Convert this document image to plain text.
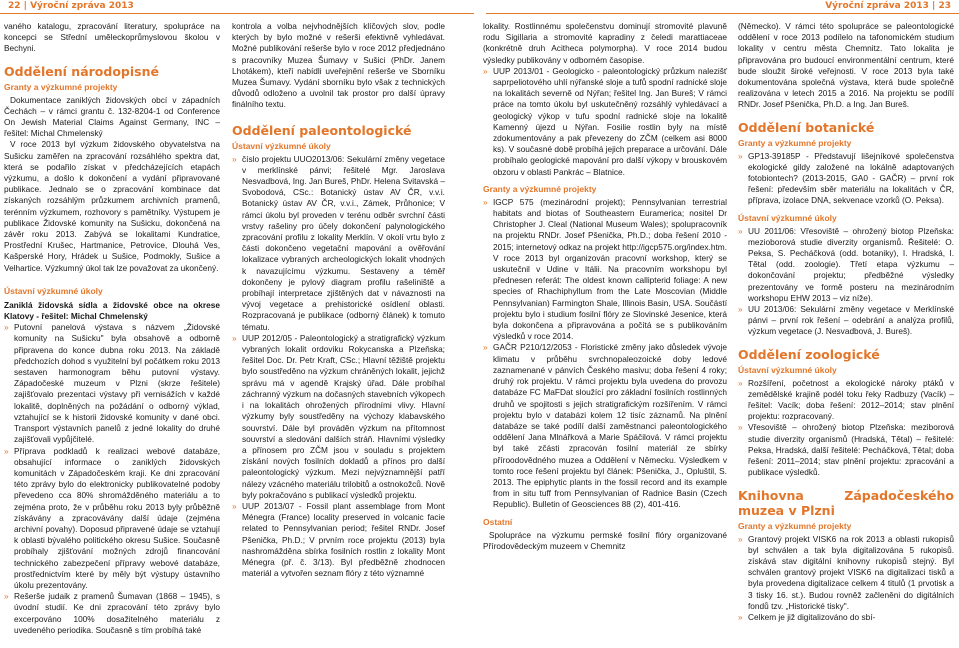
22 | Výroční zpráva 2013	Výroční zpráva 2013 | 23

vaného katalogu, zpracování literatury, spolupráce na koncepci se Střední uměleckoprůmyslovou školou v Bechyni.

Oddělení národopisné
Granty a výzkumné projekty

Dokumentace zaniklých židovských obcí v západních Čechách – v rámci grantu č. 132-8204-1 od Conference On Jewish Material Claims Against Germany, INC – řešitel: Michal Chmelenský

V roce 2013 byl výzkum židovského obyvatelstva na Sušicku zaměřen na zpracování rozsáhlého spektra dat, která se podařilo získat v předcházejících etapách výzkumu, a došlo k dokončení a vydání připravované publikace. Jednalo se o zpracování kombinace dat získaných rozsáhlým průzkumem archivních pramenů, terénním výzkumem, rozhovory s pamětníky. Výstupem je publikace Židovské komunity na Sušicku, dokončená na závěr roku 2013. Zabývá se lokalitami Kundratice, Prostřední Krušec, Hartmanice, Petrovice, Dlouhá Ves, Kašperské Hory, Hrádek u Sušice, Podmokly, Sušice a Velhartice. Výzkumný úkol tak lze považovat za ukončený.

Ústavní výzkumné úkoly

Zaniklá židovská sídla a židovské obce na okrese Klatovy - řešitel: Michal Chmelenský

» Putovní panelová výstava s názvem „Židovské komunity na Sušicku" byla obsahově a odborně připravena do konce dubna roku 2013. Na základě předchozích dohod s využitelní byl počátkem roku 2013 sestaven harmonogram běhu putovní výstavy. Západočeské muzeum v Plzni (skrze řešitele) zajišťovalo prezentaci výstavy při vernisážích v každé lokalitě, doplněných na požádání o odborný výklad, vztahující se k historii židovské komunity v dané obci. Transport výstavních panelů z jedné lokality do druhé zajišťovali vypůjčitelé.
» Příprava podkladů k realizaci webové databáze, obsahující informace o zaniklých židovských komunitách v Západočeském kraji. Ke dni zpracování této zprávy bylo do elektronicky publikovatelné podoby převedeno cca 80% shromážděného materiálu a to zejména proto, že v průběhu roku 2013 byly průběžně získávány a zpracovávány další údaje (zejména archivní povahy). Doposud připravené údaje se vztahují k oblasti bývalého politického okresu Sušice. Současně probíhaly zjišťování možných zdrojů financování technického zabezpečení přípravy webové databáze, prostřednictvím které by měly být výstupy ústavního úkolu prezentovány.
» Rešerše judaik z pramenů Šumavan (1868 – 1945), s úvodní studií. Ke dni zpracování této zprávy bylo excerpováno 100% dosažitelného materiálu z uvedeného periodika. Současně s tím probíhá také

kontrola a volba nejvhodnějších klíčových slov, podle kterých by bylo možné v rešerši efektivně vyhledávat. Možné publikování rešerše bylo v roce 2012 předjednáno s pracovníky Muzea Šumavy v Sušici (PhDr. Janem Lhotákem), kteří nabídli uveřejnění rešerše ve Sborníku Muzea Šumavy. Vydání sborníku bylo však z technických důvodů odloženo a uvolnil tak prostor pro další úpravy finálního textu.

Oddělení paleontologické
Ústavní výzkumné úkoly
» číslo projektu UUO2013/06: Sekulární změny vegetace v merklínské pánvi; řešitelé Mgr. Jaroslava Nesvadbová, Ing. Jan Bureš, PhDr. Helena Svitavská – Svobodová, CSc.: Botanický ústav AV ČR, v.v.i. Botanický ústav AV ČR, v.v.i., Zámek, Průhonice; V rámci úkolu byl proveden v terénu odběr svrchní části vrstvy rašeliny pro účely dokončení palynologického zpracování profilu z lokality Merklín. V okolí vrtu bylo z části dokončeno vegetační mapování a ověřování lokalizace vybraných archeologických lokalit vhodných k navazujícímu výzkumu. Sestaveny a téměř dokončeny je pylový diagram profilu rašeliniště a probíhají interpretace zjištěných dat v návaznosti na vývoj vegetace a prehistorické osídlení oblasti. Rozpracovaná je publikace (odborný článek) k tomuto tématu.
» UUP 2012/05 - Paleontologický a stratigrafický výzkum vybraných lokalit ordoviku Rokycanska a Plzeňska; řešitel Doc. Dr. Petr Kraft, CSc.; Hlavní těžiště projektu bylo soustředěno na výzkum chráněných lokalit, jejichž správu má v agendě Krajský úřad. Dále probíhal záchranný výzkum na dočasných stavebních výkopech i na lokalitách ohrožených přírodními vlivy. Hlavní výzkumy byly soustředěny na výchozy klabavského souvrství. Dále byl prováděn výzkum na přítomnost souvrství a sledování dalších stráň. Hlavními výsledky a přínosem pro ZČM jsou v souladu s projektem získání nových fosilních dokladů a přínos pro další paleontologický výzkum. Mezi nejvýznamnější patří nálezy vzácného materiálu trilobitů a ostnokožců. Nově byly pokračováno s publikací výsledků projektu.
» UUP 2013/07 - Fossil plant assemblage from Mont Ménegra (France) locality preserved in volcanic facie related to Pennsylvanian period; řešitel RNDr. Josef Pšenička, Ph.D.; V prvním roce projektu (2013) byla nashromážděna sbírka fosilních rostlin z lokality Mont Ménegra (př. č. 3/13). Byl předběžně zhodnocen materiál a vytvořen seznam flóry z této významné

lokality. Rostlinnému společenstvu dominují stromovité plavuně rodu Sigillaria a stromovité kapradiny z čeledi marattiaceae (konkrétně druh Acitheca polymorpha). V roce 2014 budou výsledky publikovány v odborném časopise.

» UUP 2013/01 - Geologicko - paleontologický průzkum nalezišť saprpeliotového uhlí nýřanské sloje a tufů spodní radnické sloje na lokalitách severně od Nýřan; řešitel Ing. Jan Bureš; V rámci práce na tomto úkolu byl uskutečněný rozsáhlý vyhledávací a geologický výkop v tufu spodní radnické sloje na lokalitě Kamenný újezd u Nýřan. Fosilie rostlin byly na místě zdokumentovány a pak převezeny do ZČM (celkem asi 8000 ks). V současné době probíhá jejich preparace a určování. Dále probíhalo geologické mapování pro další výkopy v brouskovém obzoru v oblasti Pankrác – Blatnice.
Granty a výzkumné projekty
» IGCP 575 (mezinárodní projekt); Pennsylvanian terrestrial habitats and biotas of Southeastern Euramerica; nositel Dr Christopher J. Cleal (National Museum Wales); spolupracovník na projektu RNDr. Josef Pšenička, Ph.D.; doba řešení 2010 - 2015; internetový odkaz na projekt http://igcp575.org/index.htm. V roce 2013 byl organizován pracovní workshop, který se uskutečnil v Udine v Itálii. Na pracovním workshopu byl přednesen referát: The oldest known callipterid foliage: A new species of Rhachiphyllum from the Late Moscovian (Middle Pennsylvanian) Farmington Shale, Illinois Basin, USA. Součástí projektu bylo i studium fosilní flóry ze Slovinské Jesenice, která byla dokončena a připravována a počítá se s publikováním výsledků v roce 2014.
» GAČR P210/12/2053 - Floristické změny jako důsledek vývoje klimatu v průběhu svrchnopaleozoické doby ledové zaznamenané v pánvích Českého masivu; doba řešení 4 roky; druhý rok projektu. V rámci projektu byla uvedena do provozu databáze FC MaFDat sloužící pro základní fosilních rostlinných druhů ve spojitosti s jejich stratigrafickým rozšířením. V rámci projektu bylo v databázi kolem 12 tisíc záznamů. Na plnění databáze se také podílí další zaměstnanci paleontologického oddělení Jana Mlnářková a Marie Spáčilová. V rámci projektu byl také zčásti zpracován fosilní materiál ze sbírky příroodovědného muzea a Oddělení v Německu. Výsledkem v tomto roce řešení projektu byl článek: Pšenička, J., Opluštil, S. 2013. The epiphytic plants in the fossil record and its example from in situ tuff from Pennsylvanian of Radnice Basin (Czech Republic). Bulletin of Geosciences 88 (2), 401-416.
Ostatní

Spolupráce na výzkumu permské fosilní flóry organizované Přírodovědeckým muzeem v Chemnitz

(Německo). V rámci této spolupráce se paleontologické oddělení v roce 2013 podílelo na tafonomickém studium lokality v centru města Chemnitz. Tato lokalita je připravována pro budoucí environmentální centrum, které bude sloužit široké veřejnosti. V roce 2013 byla také dokumentována společná výstava, která bude společně realizována v letech 2015 a 2016. Na projektu se podílí RNDr. Josef Pšenička, Ph.D. a Ing. Jan Bureš.

Oddělení botanické
Granty a výzkumné projekty
» GP13-39185P - Představují lišejníkové společenstva ekologické gildy založené na lokálně adaptovaných fotobiontech? (2013-2015, GA0 - GAČR) – první rok řešení: především sběr materiálu na lokalitách v ČR, příprava, izolace DNA, sekvenace vzorků (O. Peksa).
Ústavní výzkumné úkoly
» UU 2011/06: Vřesoviště – ohrožený biotop Plzeňska: mezioborová studie diverzity organismů. Řešitelé: O. Peksa, S. Pecháčková (odd. botaniky), I. Hradská, I. Tětal (odd. zoologie). Třetí etapa výzkumu – dokončování projektu; předběžné výsledky prezentovány ve formě posteru na mezinárodním workshopu EHW 2013 – viz níže).
» UU 2013/06: Sekulární změny vegetace v Merklínské pánvi – první rok řešení – odebrání a analýza profilů, výzkum vegetace (J. Nesvadbová, J. Bureš).
Oddělení zoologické
Ústavní výzkumné úkoly
» Rozšíření, početnost a ekologické nároky ptáků v zemědělské krajině podél toku řeky Radbuzy (Vacík) – řešitel: Vacík; doba řešení: 2012–2014; stav plnění projektu: rozpracovaný.
» Vřesoviště – ohrožený biotop Plzeňska: meziborová studie diverzity organismů (Hradská, Tětal) – řešitelé: Peksa, Hradská, další řešitelé: Pecháčková, Tětal; doba řešení: 2011–2014; stav plnění projektu: zpracování a publikace výsledků.
Knihovna Západočeského muzea v Plzni
Granty a výzkumné projekty
» Grantový projekt VISK6 na rok 2013 a oblasti rukopisů byl schválen a tak byla digitalizována 5 rukopisů. získává stav digitální knihovny rukopisů stejný. Byl schválen grantový projekt VISK6 na digitalizaci tisků a byla provedena digitalizace celkem 4 titulů (1 prvotisk a 3 tisky 16. st.). Budou rovněž začleněni do digitálních fondů tzv. „Historické tisky".
» Celkem je již digitalizováno do sbí-
